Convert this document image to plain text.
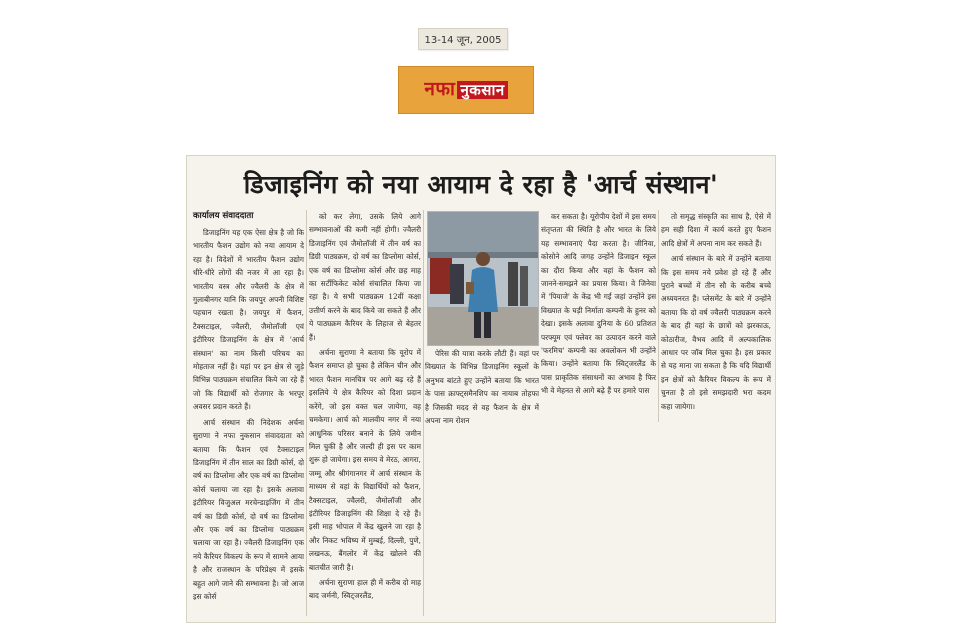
13-14 जून, 2005
नफा नुकसान
डिजाइनिंग को नया आयाम दे रहा है 'आर्च संस्थान'
कार्यालय संवाददाता

डिजाइनिंग यह एक ऐसा क्षेत्र है जो कि भारतीय फैशन उद्योग को नया आयाम दे रहा है। विदेशों में भारतीय फैशन उद्योग धीरे-धीरे लोगों की नजर में आ रहा है। भारतीय वस्त्र और ज्वैलरी के क्षेत्र में गुलाबीनगर यानि कि जयपुर अपनी विशिष्ट पहचान रखता है। जयपुर में फैशन, टैक्सटाइल, ज्वैलरी, जैमोलॉजी एवं इंटीरियर डिजाइनिंग के क्षेत्र में 'आर्च संस्थान' का नाम किसी परिचय का मोहताज नहीं है। यहां पर इन क्षेत्र से जुड़े विभिन्न पाठ्यक्रम संचालित किये जा रहे हैं जो कि विद्यार्थी को रोजगार के भरपूर अवसर प्रदान करते हैं।

आर्च संस्थान की निदेशक अर्चना सुराणा ने नफा नुकसान संवाददाता को बताया कि फैशन एवं टैक्सटाइल डिजाइनिंग में तीन साल का डिग्री कोर्स, दो वर्ष का डिप्लोमा और एक वर्ष का डिप्लोमा कोर्स चलाया जा रहा है। इसके अलावा इंटीरियर विजुअल मरचेन्डाइजिंग में तीन वर्ष का डिग्री कोर्स, दो वर्ष का डिप्लोमा और एक वर्ष का डिप्लोमा पाठ्यक्रम चलाया जा रहा है। ज्वैलरी डिजाइनिंग एक नये कैरियर विकल्प के रूप में सामने आया है और राजस्थान के परिप्रेक्ष्य में इसके बहुत आगे जाने की सम्भावना है। जो आज इस कोर्स

को कर लेगा, उसके लिये आगे सम्भावनाओं की कमी नहीं होगी। ज्वैलरी डिजाइनिंग एवं जैमोलॉजी में तीन वर्ष का डिग्री पाठ्यक्रम, दो वर्ष का डिप्लोमा कोर्स, एक वर्ष का डिप्लोमा कोर्स और छह माह का सर्टीफिकेट कोर्स संचालित किया जा रहा है। ये सभी पाठ्यक्रम 12वीं कक्षा उत्तीर्ण करने के बाद किये जा सकते हैं और ये पाठ्यक्रम कैरियर के लिहाज से बेहतर हैं।

अर्चना सुराणा ने बताया कि यूरोप में फैशन समाप्त हो चुका है लेकिन चीन और भारत फैशन मानचित्र पर आगे बढ़ रहे हैं इसलिये ये क्षेत्र कैरियर को दिशा प्रदान करेंगे, जो इस वक्त चल जायेगा, वह चमकेगा। आर्च को मालवीय नगर में नया आधुनिक परिसर बनाने के लिये जमीन मिल चुकी है और जल्दी ही इस पर काम शुरू हो जायेगा। इस समय वे मेरठ, आगरा, जम्मू और श्रीगंगानगर में आर्च संस्थान के माध्यम से वहां के विद्यार्थियों को फैशन, टैक्सटाइल, ज्वैलरी, जैमोलॉजी और इंटीरियर डिजाइनिंग की शिक्षा दे रहे हैं। इसी माह भोपाल में केंद्र खुलने जा रहा है और निकट भविष्य में मुम्बई, दिल्ली, पुणे, लखनऊ, बैंगलोर में केंद्र खोलने की बातचीत जारी है।

अर्चना सुराणा हाल ही में करीब दो माह बाद जर्मनी, स्विट्जरलैंड,

पेरिस की यात्रा करके लौटी हैं। वहां पर विख्यात के विभिन्न डिजाइनिंग स्कूलों के अनुभव बांटते हुए उन्होंने बताया कि भारत के पास क्राफ्ट्समैनशिप का नायाब तोहफा है जिसकी मदद से वह फैशन के क्षेत्र में अपना नाम रोशन

कर सकता है। यूरोपीय देशों में इस समय संतृप्तता की स्थिति है और भारत के लिये यह सम्भावनाएं पैदा करता है। जीनिवा, कोसोने आदि जगह उन्होंने डिजाइन स्कूल का दौरा किया और वहां के फैशन को जानने-समझने का प्रयास किया। वे जिनेवा में 'पियाजे' के केंद्र भी गईं जहां उन्होंने इस विख्यात के घड़ी निर्माता कम्पनी के हुनर को देखा। इसके अलावा दुनिया के 60 प्रतिशत परफ्यूम एवं फ्लेवर का उत्पादन करने वाले 'फरमिच' कम्पनी का अवलोकन भी उन्होंने किया। उन्होंने बताया कि स्विट्जरलैंड के पास प्राकृतिक संसाधनों का अभाव है फिर भी वे मेहनत से आगे बढ़े हैं पर हमारे पास

तो समृद्ध संस्कृति का साथ है, ऐसे में हम सही दिशा में कार्य करते हुए फैशन आदि क्षेत्रों में अपना नाम कर सकते हैं।

आर्च संस्थान के बारे में उन्होंने बताया कि इस समय नये प्रवेश हो रहे हैं और पुराने बच्चों में तीन सौ के करीब बच्चे अध्ययनरत हैं। प्लेसमेंट के बारे में उन्होंने बताया कि दो वर्ष ज्वैलरी पाठ्यक्रम करने के बाद ही यहां के छात्रों को झरकाऊ, कोठारीज, वैभव आदि में अल्पकालिक आधार पर जॉब मिल चुका है। इस प्रकार से यह माना जा सकता है कि यदि विद्यार्थी इन क्षेत्रों को कैरियर विकल्प के रूप में चुनता है तो इसे समझदारी भरा कदम कहा जायेगा।
